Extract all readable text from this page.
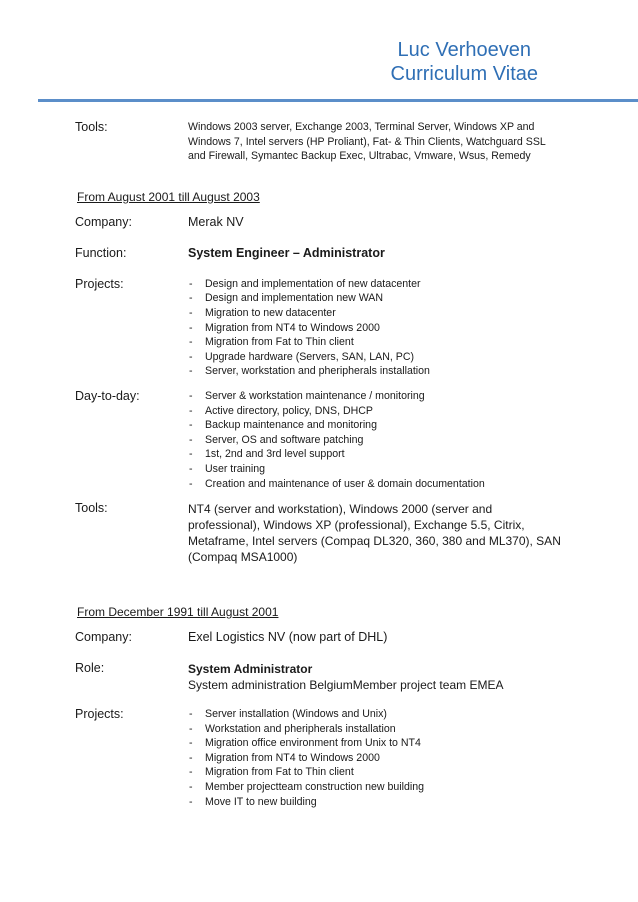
Luc Verhoeven
Curriculum Vitae
Tools:	Windows 2003 server, Exchange 2003, Terminal Server, Windows XP and
Windows 7, Intel servers (HP Proliant), Fat- & Thin Clients, Watchguard SSL
and Firewall, Symantec Backup Exec, Ultrabac, Vmware, Wsus, Remedy
From August 2001 till August 2003
Company:	Merak NV
Function:	System Engineer – Administrator
Projects:	- Design and implementation of new datacenter
- Design and implementation new WAN
- Migration to new datacenter
- Migration from NT4 to Windows 2000
- Migration from Fat to Thin client
- Upgrade hardware (Servers, SAN, LAN, PC)
- Server, workstation and pheripherals installation
Day-to-day:	- Server & workstation maintenance / monitoring
- Active directory, policy, DNS, DHCP
- Backup maintenance and monitoring
- Server, OS and software patching
- 1st, 2nd and 3rd level support
- User training
- Creation and maintenance of user & domain documentation
Tools:	NT4 (server and workstation), Windows 2000 (server and
professional), Windows XP (professional), Exchange 5.5, Citrix,
Metaframe, Intel servers (Compaq DL320, 360, 380 and ML370), SAN
(Compaq MSA1000)
From December 1991 till August 2001
Company:	Exel Logistics NV (now part of DHL)
Role:	System Administrator
System administration BelgiumMember project team EMEA
Projects:	- Server installation (Windows and Unix)
- Workstation and pheripherals installation
- Migration office environment from Unix to NT4
- Migration from NT4 to Windows 2000
- Migration from Fat to Thin client
- Member projectteam construction new building
- Move IT to new building
